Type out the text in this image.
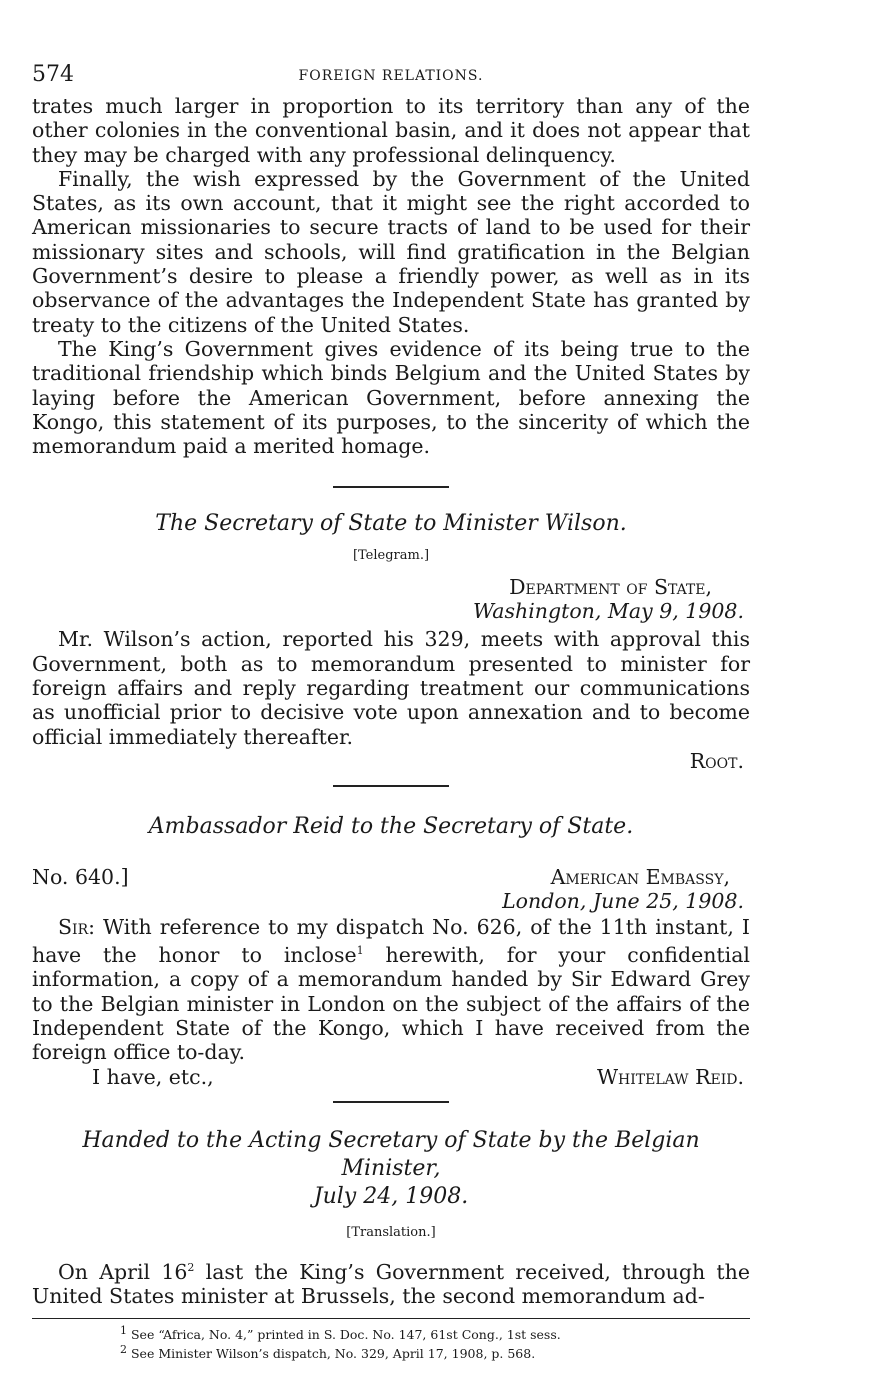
574	FOREIGN RELATIONS.

trates much larger in proportion to its territory than any of the other colonies in the conventional basin, and it does not appear that they may be charged with any professional delinquency.

Finally, the wish expressed by the Government of the United States, as its own account, that it might see the right accorded to American missionaries to secure tracts of land to be used for their missionary sites and schools, will find gratification in the Belgian Government’s desire to please a friendly power, as well as in its observance of the advantages the Independent State has granted by treaty to the citizens of the United States.

The King’s Government gives evidence of its being true to the traditional friendship which binds Belgium and the United States by laying before the American Government, before annexing the Kongo, this statement of its purposes, to the sincerity of which the memorandum paid a merited homage.

The Secretary of State to Minister Wilson.
[Telegram.]
Department of State,
Washington, May 9, 1908.

Mr. Wilson’s action, reported his 329, meets with approval this Government, both as to memorandum presented to minister for foreign affairs and reply regarding treatment our communications as unofficial prior to decisive vote upon annexation and to become official immediately thereafter.

Root.
Ambassador Reid to the Secretary of State.
No. 640.]	American Embassy,
London, June 25, 1908.

Sir: With reference to my dispatch No. 626, of the 11th instant, I have the honor to inclose$^1$ herewith, for your confidential information, a copy of a memorandum handed by Sir Edward Grey to the Belgian minister in London on the subject of the affairs of the Independent State of the Kongo, which I have received from the foreign office to-day.

I have, etc.,	Whitelaw Reid.
Handed to the Acting Secretary of State by the Belgian Minister,
July 24, 1908.
[Translation.]

On April $16^2$ last the King’s Government received, through the United States minister at Brussels, the second memorandum ad-

$^1$ See “Africa, No. 4,” printed in S. Doc. No. 147, 61st Cong., 1st sess.
$^2$ See Minister Wilson’s dispatch, No. 329, April 17, 1908, p. 568.
